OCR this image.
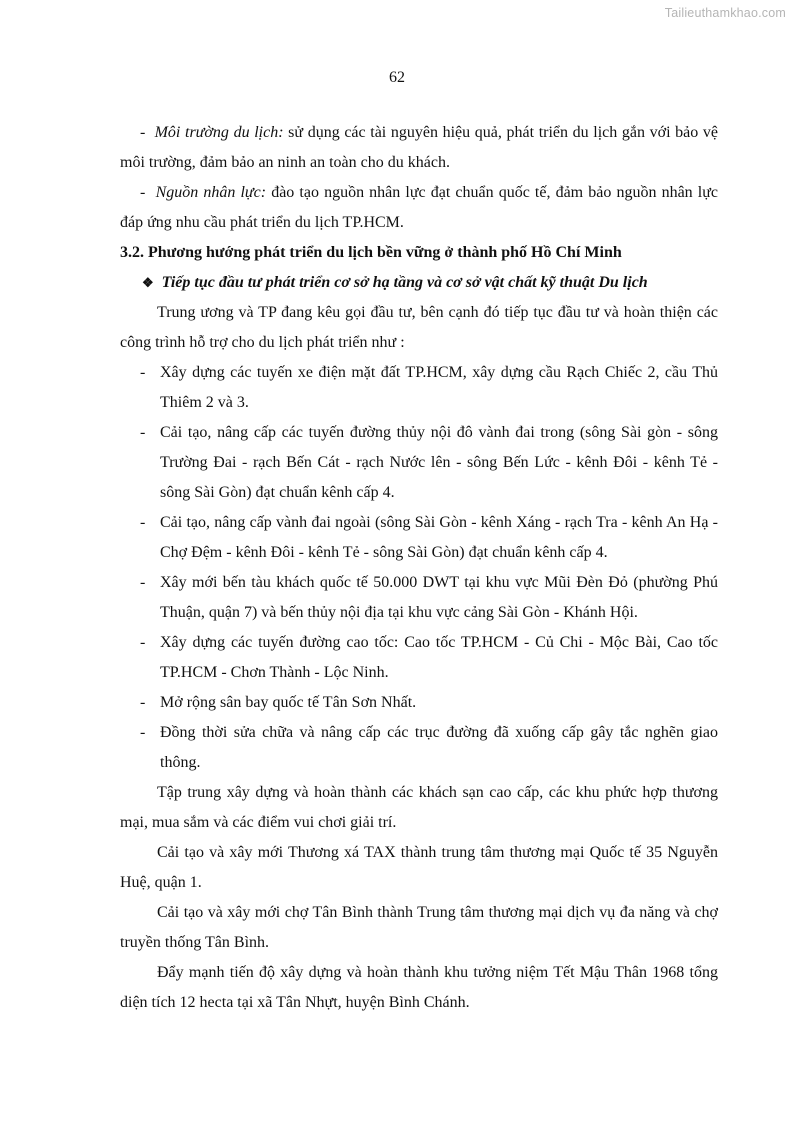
Tailieuthamkhao.com
62
- Môi trường du lịch: sử dụng các tài nguyên hiệu quả, phát triển du lịch gắn với bảo vệ môi trường, đảm bảo an ninh an toàn cho du khách.
- Nguồn nhân lực: đào tạo nguồn nhân lực đạt chuẩn quốc tế, đảm bảo nguồn nhân lực đáp ứng nhu cầu phát triển du lịch TP.HCM.
3.2. Phương hướng phát triển du lịch bền vững ở thành phố Hồ Chí Minh
❖ Tiếp tục đầu tư phát triển cơ sở hạ tầng và cơ sở vật chất kỹ thuật Du lịch
Trung ương và TP đang kêu gọi đầu tư, bên cạnh đó tiếp tục đầu tư và hoàn thiện các công trình hỗ trợ cho du lịch phát triển như :
- Xây dựng các tuyến xe điện mặt đất TP.HCM, xây dựng cầu Rạch Chiếc 2, cầu Thủ Thiêm 2 và 3.
- Cải tạo, nâng cấp các tuyến đường thủy nội đô vành đai trong (sông Sài gòn - sông Trường Đai - rạch Bến Cát - rạch Nước lên - sông Bến Lức - kênh Đôi - kênh Tẻ - sông Sài Gòn) đạt chuẩn kênh cấp 4.
- Cải tạo, nâng cấp vành đai ngoài (sông Sài Gòn - kênh Xáng - rạch Tra - kênh An Hạ - Chợ Đệm - kênh Đôi - kênh Tẻ - sông Sài Gòn) đạt chuẩn kênh cấp 4.
- Xây mới bến tàu khách quốc tế 50.000 DWT tại khu vực Mũi Đèn Đỏ (phường Phú Thuận, quận 7) và bến thủy nội địa tại khu vực cảng Sài Gòn - Khánh Hội.
- Xây dựng các tuyến đường cao tốc: Cao tốc TP.HCM - Củ Chi - Mộc Bài, Cao tốc TP.HCM - Chơn Thành - Lộc Ninh.
- Mở rộng sân bay quốc tế Tân Sơn Nhất.
- Đồng thời sửa chữa và nâng cấp các trục đường đã xuống cấp gây tắc nghẽn giao thông.
Tập trung xây dựng và hoàn thành các khách sạn cao cấp, các khu phức hợp thương mại, mua sắm và các điểm vui chơi giải trí.
Cải tạo và xây mới Thương xá TAX thành trung tâm thương mại Quốc tế 35 Nguyễn Huệ, quận 1.
Cải tạo và xây mới chợ Tân Bình thành Trung tâm thương mại dịch vụ đa năng và chợ truyền thống Tân Bình.
Đẩy mạnh tiến độ xây dựng và hoàn thành khu tưởng niệm Tết Mậu Thân 1968 tổng diện tích 12 hecta tại xã Tân Nhựt, huyện Bình Chánh.
